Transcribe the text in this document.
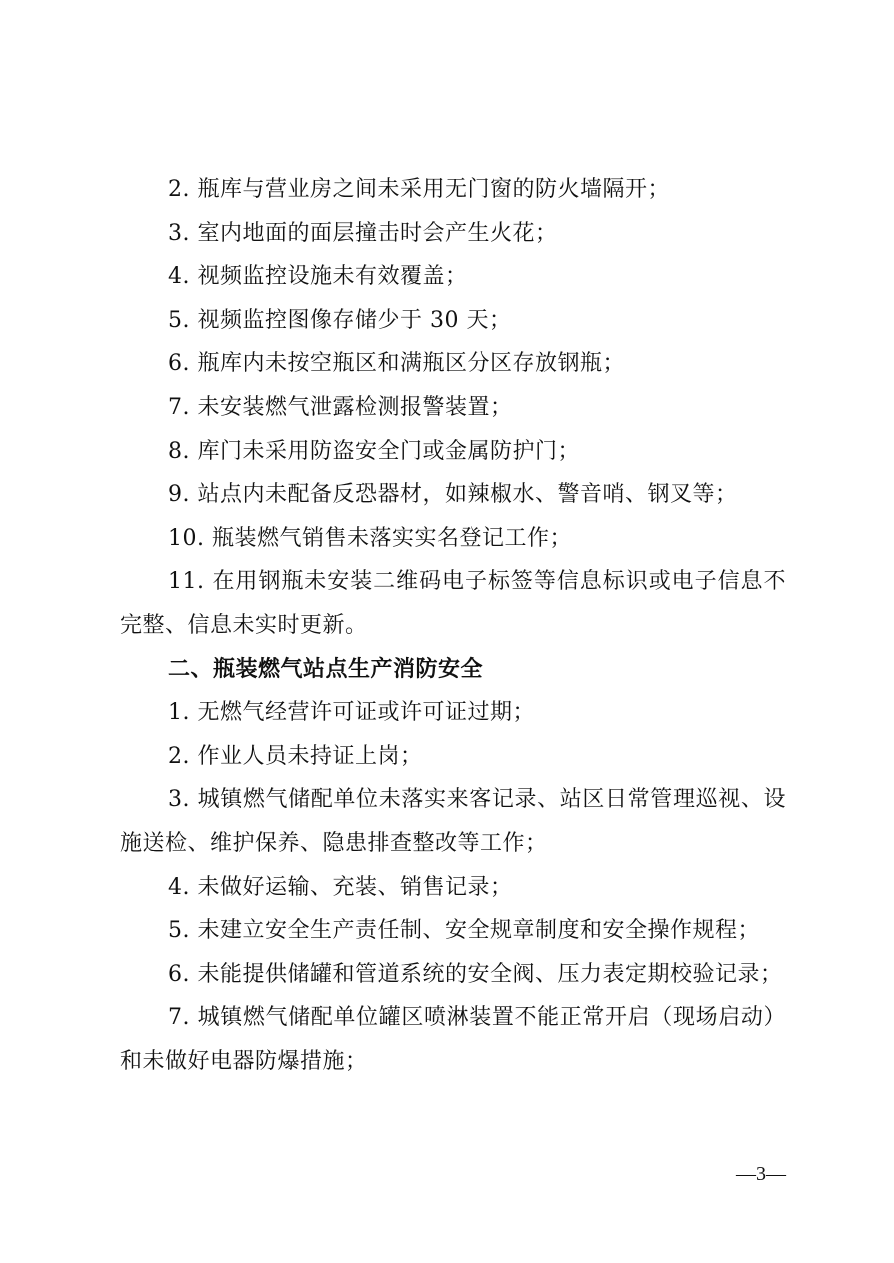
2. 瓶库与营业房之间未采用无门窗的防火墙隔开；

3. 室内地面的面层撞击时会产生火花；

4. 视频监控设施未有效覆盖；

5. 视频监控图像存储少于 30 天；

6. 瓶库内未按空瓶区和满瓶区分区存放钢瓶；

7. 未安装燃气泄露检测报警装置；

8. 库门未采用防盗安全门或金属防护门；

9. 站点内未配备反恐器材，如辣椒水、警音哨、钢叉等；

10. 瓶装燃气销售未落实实名登记工作；

11. 在用钢瓶未安装二维码电子标签等信息标识或电子信息不完整、信息未实时更新。

二、瓶装燃气站点生产消防安全

1. 无燃气经营许可证或许可证过期；

2. 作业人员未持证上岗；

3. 城镇燃气储配单位未落实来客记录、站区日常管理巡视、设施送检、维护保养、隐患排查整改等工作；

4. 未做好运输、充装、销售记录；

5. 未建立安全生产责任制、安全规章制度和安全操作规程；

6. 未能提供储罐和管道系统的安全阀、压力表定期校验记录；

7. 城镇燃气储配单位罐区喷淋装置不能正常开启（现场启动）和未做好电器防爆措施；

—3—
